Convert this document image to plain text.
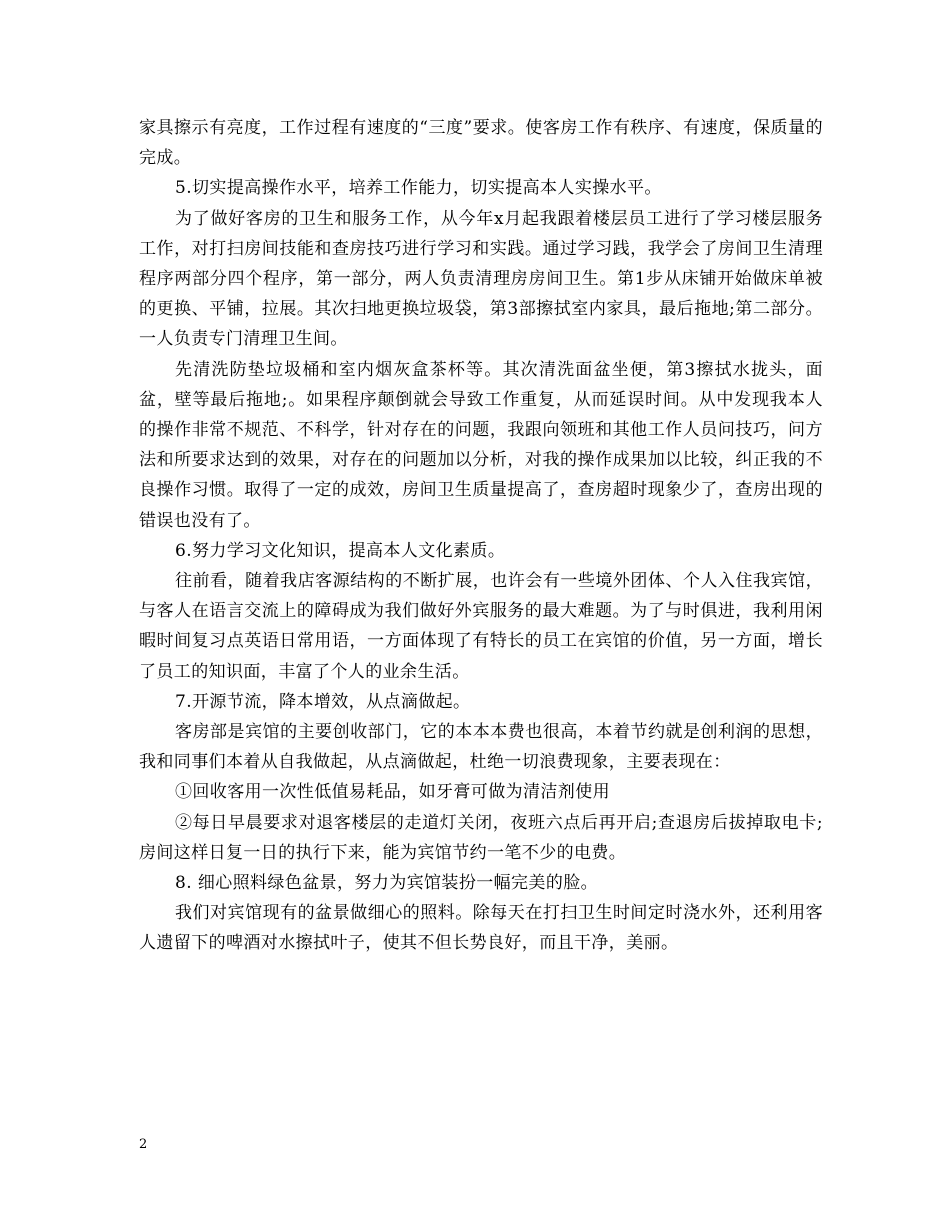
家具擦示有亮度，工作过程有速度的“三度”要求。使客房工作有秩序、有速度，保质量的完成。

5.切实提高操作水平，培养工作能力，切实提高本人实操水平。

为了做好客房的卫生和服务工作，从今年x月起我跟着楼层员工进行了学习楼层服务工作，对打扫房间技能和查房技巧进行学习和实践。通过学习践，我学会了房间卫生清理程序两部分四个程序，第一部分，两人负责清理房房间卫生。第1步从床铺开始做床单被 的更换、平铺，拉展。其次扫地更换垃圾袋，第3部擦拭室内家具，最后拖地;第二部分。一人负责专门清理卫生间。

先清洗防垫垃圾桶和室内烟灰盒茶杯等。其次清洗面盆坐便，第3擦拭水拢头，面盆，壁等最后拖地;。如果程序颠倒就会导致工作重复，从而延误时间。从中发现我本人的操作非常不规范、不科学，针对存在的问题，我跟向领班和其他工作人员问技巧，问方法和所要求达到的效果，对存在的问题加以分析，对我的操作成果加以比较，纠正我的不良操作习惯。取得了一定的成效，房间卫生质量提高了，查房超时现象少了，查房出现的错误也没有了。

6.努力学习文化知识，提高本人文化素质。

往前看，随着我店客源结构的不断扩展，也许会有一些境外团体、个人入住我宾馆，与客人在语言交流上的障碍成为我们做好外宾服务的最大难题。为了与时俱进，我利用闲暇时间复习点英语日常用语，一方面体现了有特长的员工在宾馆的价值，另一方面，增长了员工的知识面，丰富了个人的业余生活。

7.开源节流，降本增效，从点滴做起。

客房部是宾馆的主要创收部门，它的本本本费也很高，本着节约就是创利润的思想，我和同事们本着从自我做起，从点滴做起，杜绝一切浪费现象，主要表现在：

①回收客用一次性低值易耗品，如牙膏可做为清洁剂使用

②每日早晨要求对退客楼层的走道灯关闭，夜班六点后再开启;查退房后拔掉取电卡;房间这样日复一日的执行下来，能为宾馆节约一笔不少的电费。

8. 细心照料绿色盆景，努力为宾馆装扮一幅完美的脸。

我们对宾馆现有的盆景做细心的照料。除每天在打扫卫生时间定时浇水外，还利用客人遗留下的啤酒对水擦拭叶子，使其不但长势良好，而且干净，美丽。

2
